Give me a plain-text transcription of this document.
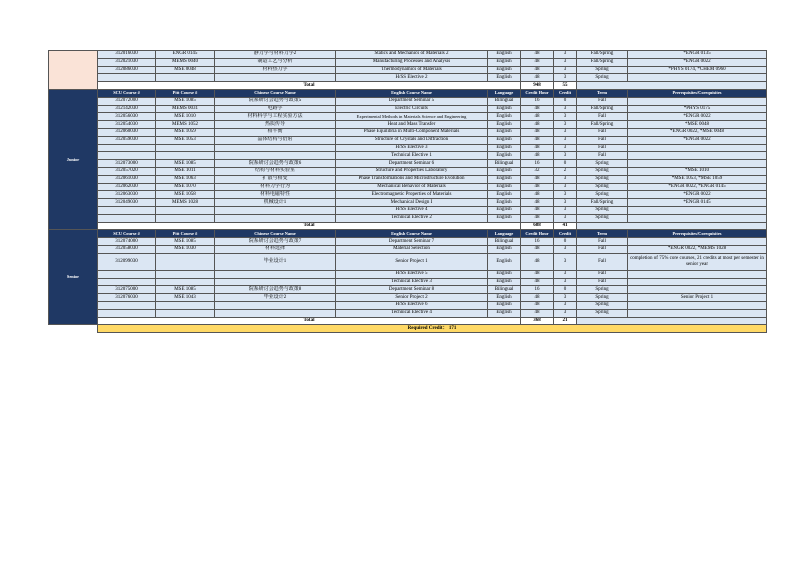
	312016030	ENGR 0145	静力学与材料力学2	Statics and Mechanics of Materials 2	English	48	3	Fall/Spring	*ENGR 0135
	312021030	MEMS 0040	制造工艺与分析	Manufacturing Processes and Analysis	English	48	3	Fall/Spring	*ENGR 0022
	312086030	MSE 0048	材料热力学	Thermodynamics of Materials	English	48	3	Spring	*PHYS 0174, *CHEM 0960
				H/SS Elective 2	English	48	3	Spring	
	Total					948	55		
Junior	SCU Course #	Pitt Course #	Chinese Course Name	English Course Name	Language	Credit Hour	Credit	Term	Prerequisites/Corequisites
	312072000	MSE 1085	院系研讨会趋势与政策5	Department Seminar 5	Bilingual	16	0	Fall	
	312142030	MEMS 0031	电路学	Electric Circuits	English	48	3	Fall/Spring	*PHYS 0175
	312056030	MSE 1010	材料科学与工程实验方法	Experimental Methods in Materials Science and Engineering	English	48	3	Fall	*ENGR 0022
	312054030	MEMS 1052	热质传导	Heat and Mass Transfer	English	48	3	Fall/Spring	*MSE 0048
	312060030	MSE 1059	相平衡	Phase Equilibria in Multi-Component Materials	English	48	3	Fall	*ENGR 0022, *MSE 0048
	312059030	MSE 1053	晶体结构与衍射	Structure of Crystals and Diffraction	English	48	3	Fall	*ENGR 0022
				H/SS Elective 3	English	48	3	Fall	
				Technical Elective 1	English	48	3	Fall	
	312073000	MSE 1085	院系研讨会趋势与政策6	Department Seminar 6	Bilingual	16	0	Spring	
	312057020	MSE 1011	结构与材料实验室	Structure and Properties Laboratory	English	32	2	Spring	*MSE 1010
	312061030	MSE 1063	扩散与相变	Phase Transformations and Microstructure Evolution	English	48	3	Spring	*MSE 1053, *MSE 1059
	312062030	MSE 1070	材料力学行为	Mechanical Behavior of Materials	English	48	3	Spring	*ENGR 0022, *ENGR 0145
	312063030	MSE 1058	材料电磁特性	Electromagnetic Properties of Materials	English	48	3	Spring	*ENGR 0022
	312049030	MEMS 1028	机械设计1	Mechanical Design I	English	48	3	Fall/Spring	*ENGR 0145
				H/SS Elective 4	English	48	3	Spring	
				Technical Elective 2	English	48	3	Spring	
	Total					688	41		
Senior	SCU Course #	Pitt Course #	Chinese Course Name	English Course Name	Language	Credit Hour	Credit	Term	Prerequisites/Corequisites
	312074000	MSE 1085	院系研讨会趋势与政策7	Department Seminar 7	Bilingual	16	0	Fall	
	312058030	MSE 1030	材料选择	Material Selection	English	48	3	Fall	*ENGR 0022, *MEMS 1028
	312099030		毕业设计1	Senior Project 1	English	48	3	Fall	completion of 75% core courses, 21 credits at most per semester in senior year
				H/SS Elective 5	English	48	3	Fall	
				Technical Elective 3	English	48	3	Fall	
	312075000	MSE 1085	院系研讨会趋势与政策8	Department Seminar 8	Bilingual	16	0	Spring	
	312076030	MSE 1043	毕业设计2	Senior Project 2	English	48	3	Spring	Senior Project 1
				H/SS Elective 6	English	48	3	Spring	
				Technical Elective 4	English	48	3	Spring	
	Total					368	21		
	Required Credit： 171								
